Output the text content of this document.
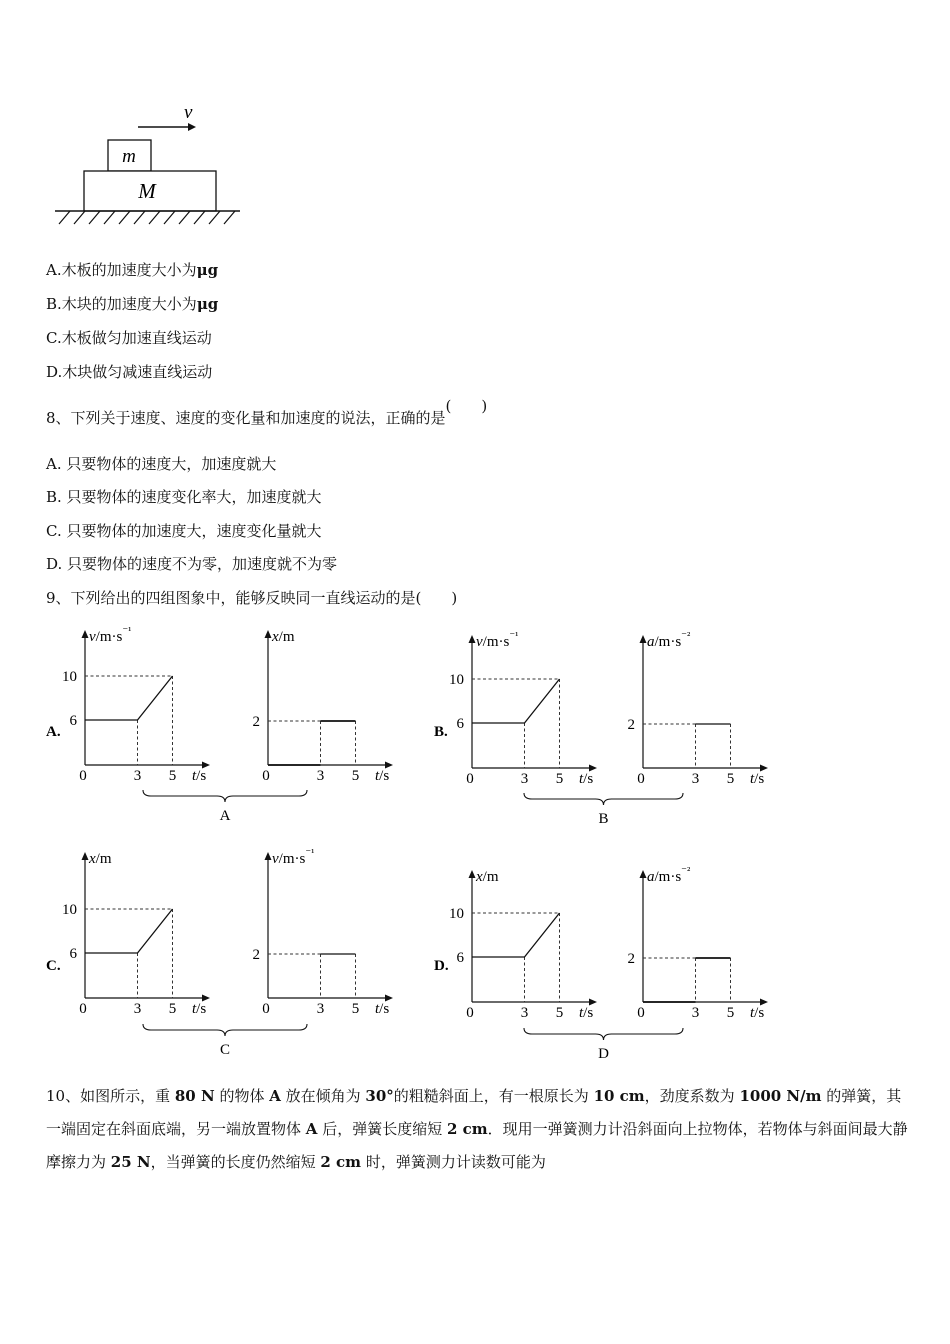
v
m
M
A.木板的加速度大小为μg
B.木块的加速度大小为μg
C.木板做匀加速直线运动
D.木块做匀减速直线运动
8、下列关于速度、速度的变化量和加速度的说法，正确的是(　　)
A. 只要物体的速度大，加速度就大
B. 只要物体的速度变化率大，加速度就大
C. 只要物体的加速度大，速度变化量就大
D. 只要物体的速度不为零，加速度就不为零
9、下列给出的四组图象中，能够反映同一直线运动的是(　　)
$v/m\cdot s^{^{-1}}$
t/s
0	3 5
6
10
x/m
t/s
0	3 5
2
$v/m\cdot s^{^{-1}}$
t/s
0	3 5
6
10
$a/m\cdot s^{^{-2}}$
t/s
0	3 5
2
x/m
t/s
0	3 5
6
10
$v/m\cdot s^{^{-1}}$
t/s
0	3 5
2
x/m
t/s
0	3 5
6
10
$a/m\cdot s^{^{-2}}$
t/s
0	3 5
2
A.	B.
C.	D.
A	B
C	D
10、如图所示，重 80 N 的物体 A 放在倾角为 30°的粗糙斜面上，有一根原长为 10 cm，劲度系数为 1000 N/m 的弹簧，其一端固定在斜面底端，另一端放置物体 A 后，弹簧长度缩短 2 cm．现用一弹簧测力计沿斜面向上拉物体，若物体与斜面间最大静摩擦力为 25 N，当弹簧的长度仍然缩短 2 cm 时，弹簧测力计读数可能为
